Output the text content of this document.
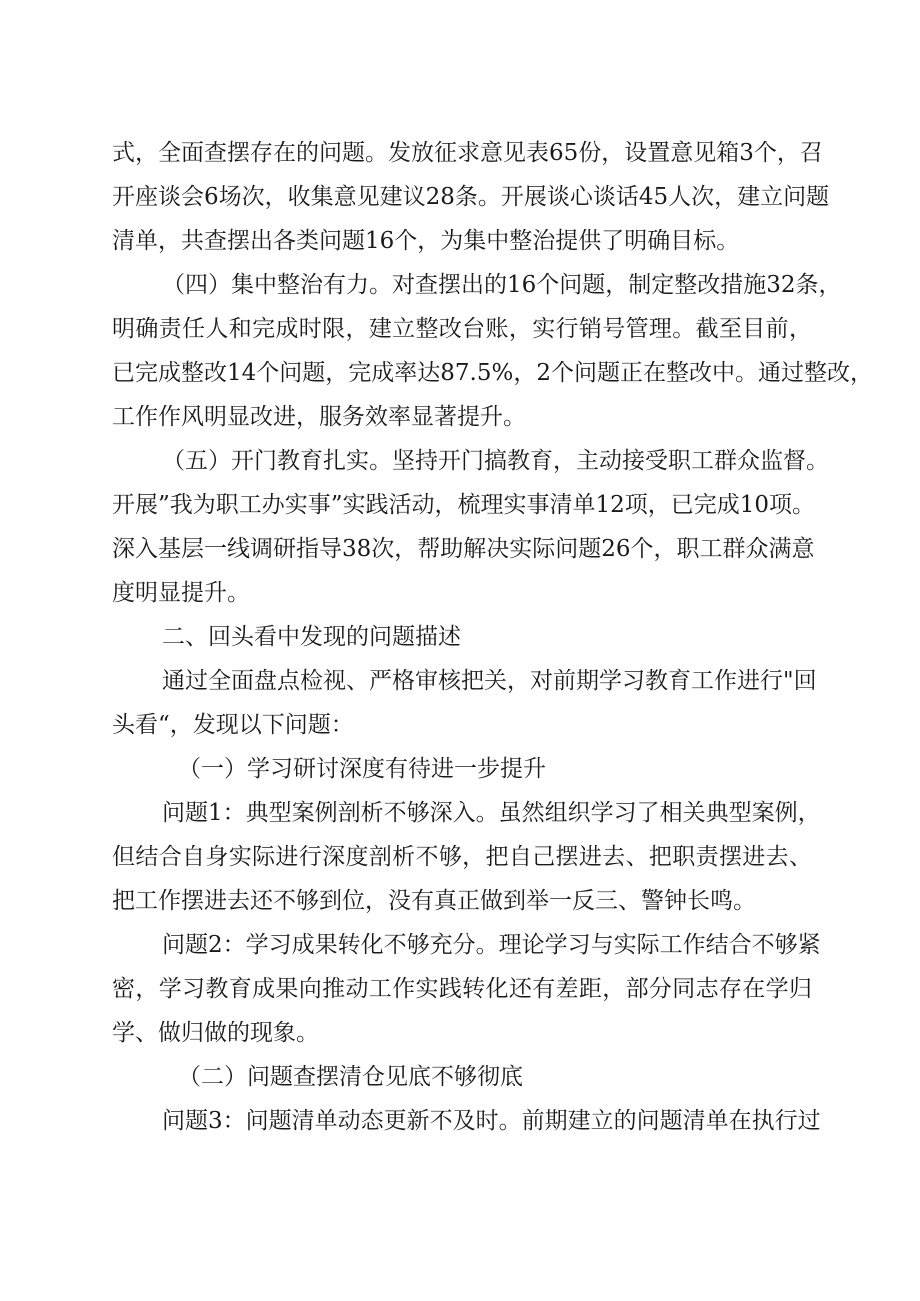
式，全面查摆存在的问题。发放征求意见表65份，设置意见箱3个，召
开座谈会6场次，收集意见建议28条。开展谈心谈话45人次，建立问题
清单，共查摆出各类问题16个，为集中整治提供了明确目标。
（四）集中整治有力。对查摆出的16个问题，制定整改措施32条，
明确责任人和完成时限，建立整改台账，实行销号管理。截至目前，
已完成整改14个问题，完成率达87.5%，2个问题正在整改中。通过整改，
工作作风明显改进，服务效率显著提升。
（五）开门教育扎实。坚持开门搞教育，主动接受职工群众监督。
开展”我为职工办实事”实践活动，梳理实事清单12项，已完成10项。
深入基层一线调研指导38次，帮助解决实际问题26个，职工群众满意
度明显提升。
二、回头看中发现的问题描述
通过全面盘点检视、严格审核把关，对前期学习教育工作进行"回
头看“，发现以下问题：
（一）学习研讨深度有待进一步提升
问题1：典型案例剖析不够深入。虽然组织学习了相关典型案例，
但结合自身实际进行深度剖析不够，把自己摆进去、把职责摆进去、
把工作摆进去还不够到位，没有真正做到举一反三、警钟长鸣。
问题2：学习成果转化不够充分。理论学习与实际工作结合不够紧
密，学习教育成果向推动工作实践转化还有差距，部分同志存在学归
学、做归做的现象。
（二）问题查摆清仓见底不够彻底
问题3：问题清单动态更新不及时。前期建立的问题清单在执行过
